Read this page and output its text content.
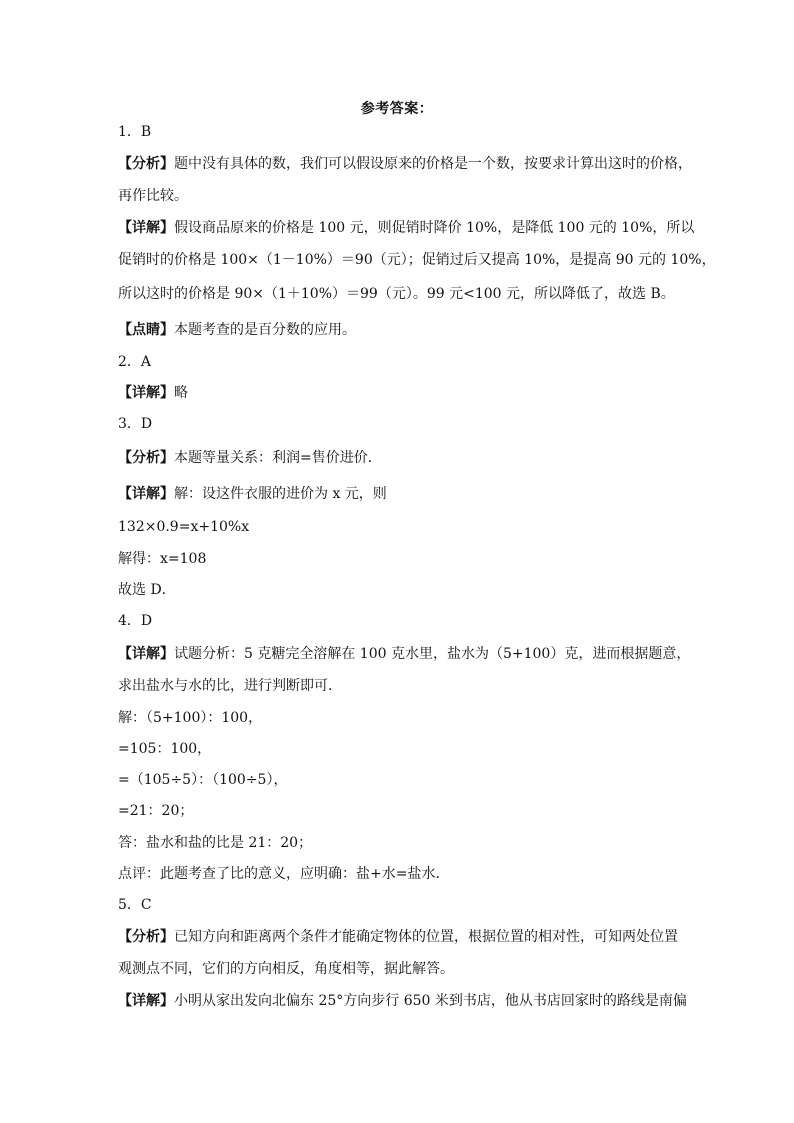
参考答案：
1．B
【分析】题中没有具体的数，我们可以假设原来的价格是一个数，按要求计算出这时的价格，
再作比较。
【详解】假设商品原来的价格是 100 元，则促销时降价 10%，是降低 100 元的 10%，所以
促销时的价格是 100×（1－10%）＝90（元）；促销过后又提高 10%，是提高 90 元的 10%，
所以这时的价格是 90×（1＋10%）＝99（元）。99 元<100 元，所以降低了，故选 B。
【点睛】本题考查的是百分数的应用。
2．A
【详解】略
3．D
【分析】本题等量关系：利润=售价进价．
【详解】解：设这件衣服的进价为 x 元，则
132×0.9=x+10%x
解得：x=108
故选 D．
4．D
【详解】试题分析：5 克糖完全溶解在 100 克水里，盐水为（5+100）克，进而根据题意，
求出盐水与水的比，进行判断即可．
解：（5+100）：100，
=105：100，
=（105÷5）：（100÷5），
=21：20；
答：盐水和盐的比是 21：20；
点评：此题考查了比的意义，应明确：盐+水=盐水．
5．C
【分析】已知方向和距离两个条件才能确定物体的位置，根据位置的相对性，可知两处位置
观测点不同，它们的方向相反，角度相等，据此解答。
【详解】小明从家出发向北偏东 25°方向步行 650 米到书店，他从书店回家时的路线是南偏
